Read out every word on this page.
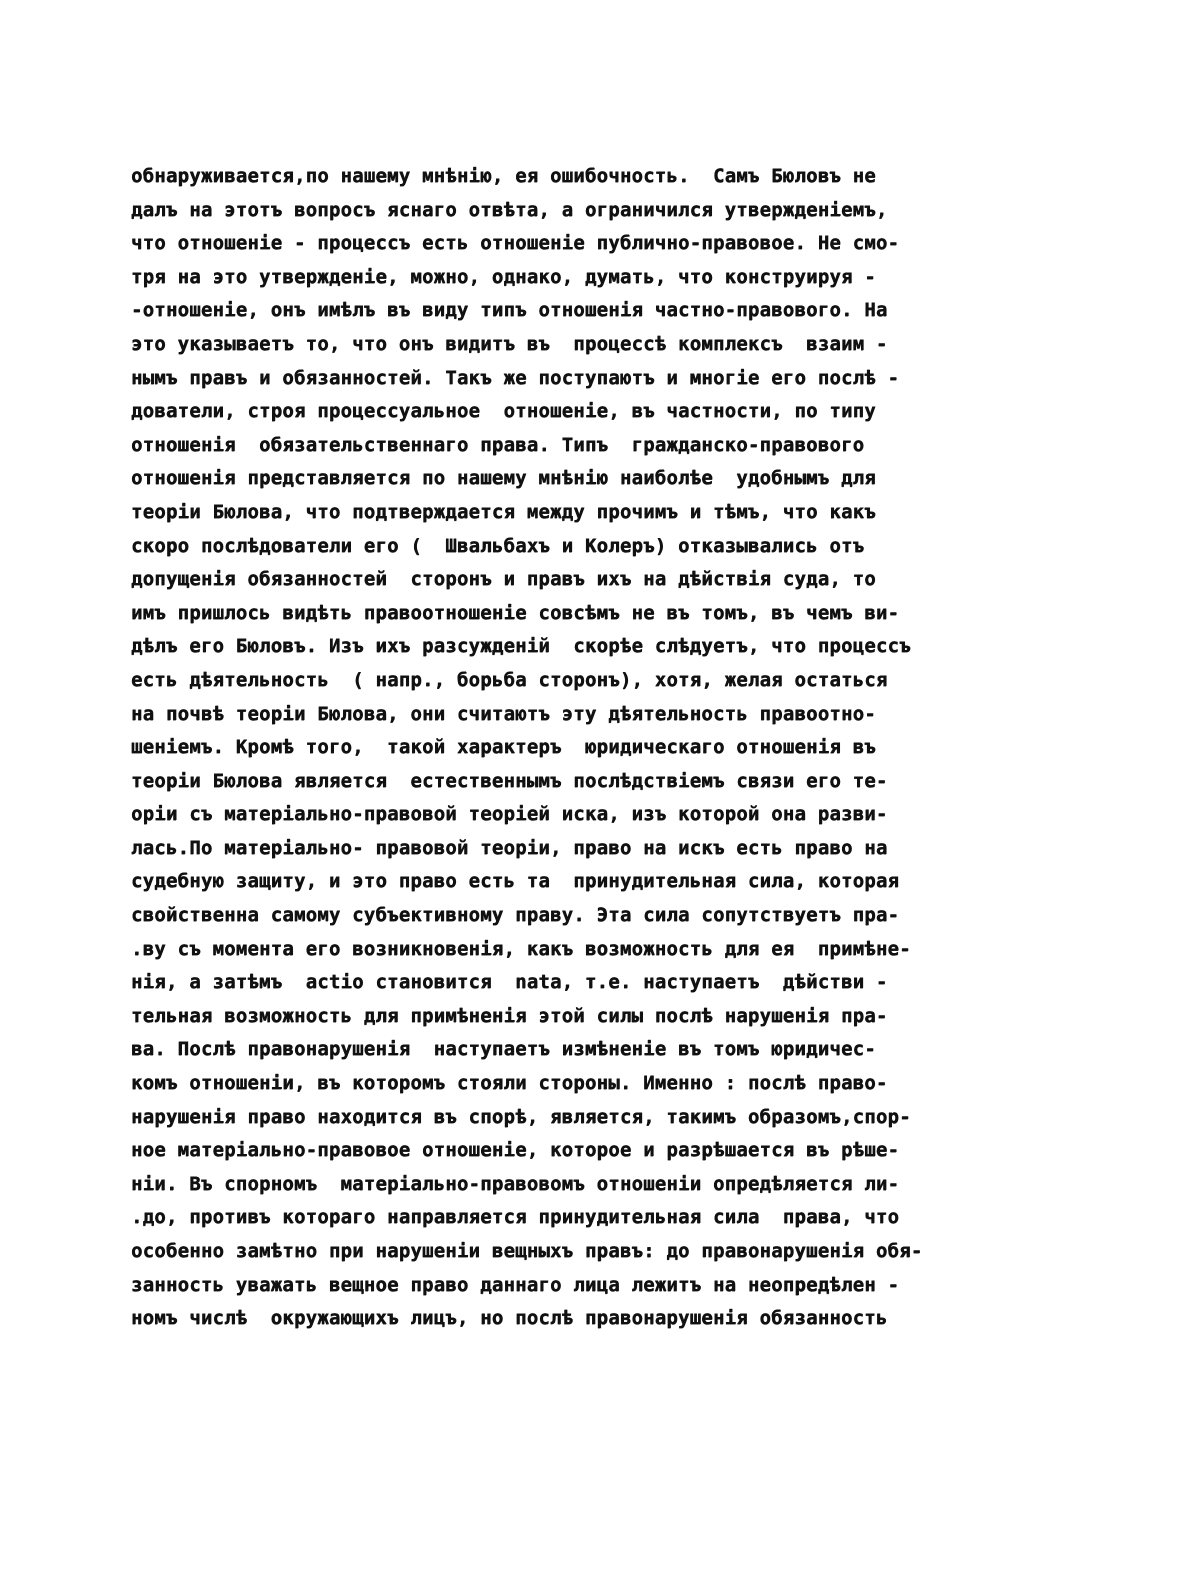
обнаруживается,по нашему мнѣнію, ея ошибочность.  Самъ Бюловъ не
далъ на этотъ вопросъ яснаго отвѣта, а ограничился утвержденіемъ,
что отношеніе - процессъ есть отношеніе публично-правовое. Не смо-
тря на это утвержденіе, можно, однако, думать, что конструируя -
-отношеніе, онъ имѣлъ въ виду типъ отношенія частно-правового. На
это указываетъ то, что онъ видитъ въ  процессѣ комплексъ  взаим -
нымъ правъ и обязанностей. Такъ же поступаютъ и многіе его послѣ -
дователи, строя процессуальное  отношеніе, въ частности, по типу
отношенія  обязательственнаго права. Типъ  гражданско-правового
отношенія представляется по нашему мнѣнію наиболѣе  удобнымъ для
теоріи Бюлова, что подтверждается между прочимъ и тѣмъ, что какъ
скоро послѣдователи его (  Швальбахъ и Колеръ) отказывались отъ
допущенія обязанностей  сторонъ и правъ ихъ на дѣйствія суда, то
имъ пришлось видѣть правоотношеніе совсѣмъ не въ томъ, въ чемъ ви-
дѣлъ его Бюловъ. Изъ ихъ разсужденій  скорѣе слѣдуетъ, что процессъ
есть дѣятельность  ( напр., борьба сторонъ), хотя, желая остаться
на почвѣ теоріи Бюлова, они считаютъ эту дѣятельность правоотно-
шеніемъ. Кромѣ того,  такой характеръ  юридическаго отношенія въ
теоріи Бюлова является  естественнымъ послѣдствіемъ связи его те-
оріи съ матеріально-правовой теоріей иска, изъ которой она разви-
лась.По матеріально- правовой теоріи, право на искъ есть право на
судебную защиту, и это право есть та  принудительная сила, которая
свойственна самому субъективному праву. Эта сила сопутствуетъ пра-
.ву съ момента его возникновенія, какъ возможность для ея  примѣне-
нія, а затѣмъ  actio становится  nata, т.е. наступаетъ  дѣйстви -
тельная возможность для примѣненія этой силы послѣ нарушенія пра-
ва. Послѣ правонарушенія  наступаетъ измѣненіе въ томъ юридичес-
комъ отношеніи, въ которомъ стояли стороны. Именно : послѣ право-
нарушенія право находится въ спорѣ, является, такимъ образомъ,спор-
ное матеріально-правовое отношеніе, которое и разрѣшается въ рѣше-
ніи. Въ спорномъ  матеріально-правовомъ отношеніи опредѣляется ли-
.до, противъ котораго направляется принудительная сила  права, что
особенно замѣтно при нарушеніи вещныхъ правъ: до правонарушенія обя-
занность уважать вещное право даннаго лица лежитъ на неопредѣлен -
номъ числѣ  окружающихъ лицъ, но послѣ правонарушенія обязанность
